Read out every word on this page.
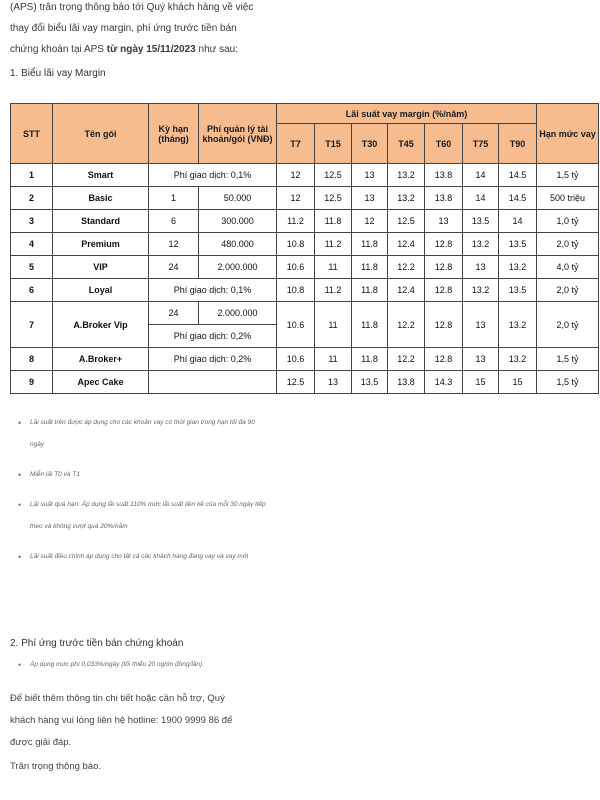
(APS) trân trọng thông báo tới Quý khách hàng về việc

thay đổi biểu lãi vay margin, phí ứng trước tiền bán

chứng khoán tại APS từ ngày 15/11/2023 như sau:

1. Biểu lãi vay Margin
STT	Tên gói	Kỳ hạn (tháng)	Phí quản lý tài khoản/gói (VNĐ)	Lãi suất vay margin (%/năm)							Hạn mức vay
				T7	T15	T30	T45	T60	T75	T90	
1	Smart	Phí giao dịch: 0,1%		12	12.5	13	13.2	13.8	14	14.5	1,5 tỷ
2	Basic	1	50.000	12	12.5	13	13.2	13.8	14	14.5	500 triệu
3	Standard	6	300.000	11.2	11.8	12	12.5	13	13.5	14	1,0 tỷ
4	Premium	12	480.000	10.8	11.2	11.8	12.4	12.8	13.2	13.5	2,0 tỷ
5	VIP	24	2.000.000	10.6	11	11.8	12.2	12.8	13	13.2	4,0 tỷ
6	Loyal	Phí giao dịch: 0,1%		10.8	11.2	11.8	12.4	12.8	13.2	13.5	2,0 tỷ
7	A.Broker Vip	24	2.000.000	10.6	11	11.8	12.2	12.8	13	13.2	2,0 tỷ
		Phí giao dịch: 0,2%									
8	A.Broker+	Phí giao dịch: 0,2%		10.6	11	11.8	12.2	12.8	13	13.2	1,5 tỷ
9	Apec Cake			12.5	13	13.5	13.8	14.3	15	15	1,5 tỷ
• Lãi suất trên được áp dụng cho các khoản vay có thời gian trong hạn tối đa 90 ngày
• Miễn lãi T0 và T1
• Lãi suất quá hạn: Áp dụng lãi suất 110% mức lãi suất liền kề của mỗi 30 ngày tiếp theo và không vượt quá 20%/năm
• Lãi suất điều chỉnh áp dụng cho tất cả các khách hàng đang vay và vay mới
2. Phí ứng trước tiền bán chứng khoán
• Áp dụng mức phí 0,033%/ngày (tối thiểu 20 nghìn đồng/lần)

Để biết thêm thông tin chi tiết hoặc cần hỗ trợ, Quý

khách hàng vui lòng liên hệ hotline: 1900 9999 86 để

được giải đáp.

Trân trọng thông báo.
